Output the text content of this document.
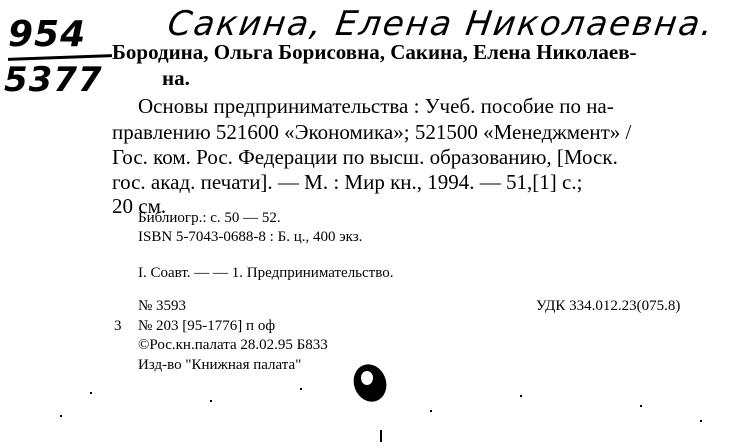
Сакина, Елена Николаевна.
954
5377
Бородина, Ольга Борисовна, Сакина, Елена Николаев-
на.
Основы предпринимательства : Учеб. пособие по на-
правлению 521600 «Экономика»; 521500 «Менеджмент» /
Гос. ком. Рос. Федерации по высш. образованию, [Моск.
гос. акад. печати]. — М. : Мир кн., 1994. — 51,[1] с.;
20 см.
Библиогр.: с. 50 — 52.
ISBN 5-7043-0688-8 : Б. ц., 400 экз.
I. Соавт. — — 1. Предпринимательство.
№ 3593	УДК 334.012.23(075.8)
3 № 203 [95-1776] п оф
©Рос.кн.палата 28.02.95 Б833
Изд-во "Книжная палата"
